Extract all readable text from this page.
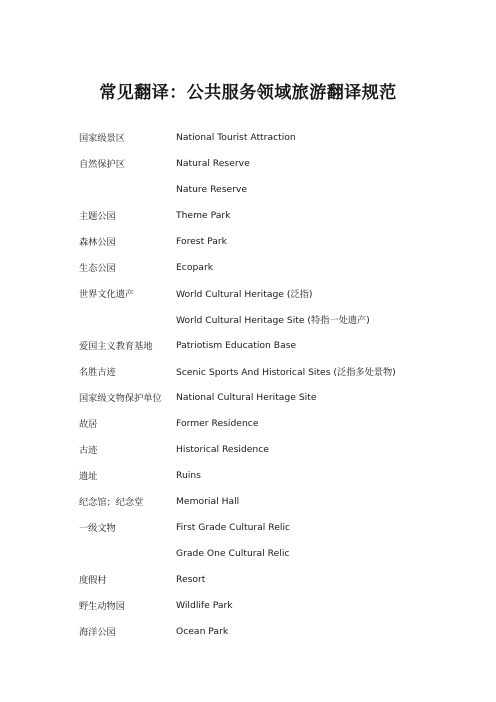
常见翻译：公共服务领域旅游翻译规范
国家级景区	National Tourist Attraction
自然保护区	Natural Reserve
Nature Reserve
主题公园	Theme Park
森林公园	Forest Park
生态公园	Ecopark
世界文化遗产	World Cultural Heritage (泛指)
World Cultural Heritage Site (特指一处遗产)
爱国主义教育基地	Patriotism Education Base
名胜古迹	Scenic Sports And Historical Sites (泛指多处景物)
国家级文物保护单位	National Cultural Heritage Site
故居	Former Residence
古迹	Historical Residence
遗址	Ruins
纪念馆；纪念堂	Memorial Hall
一级文物	First Grade Cultural Relic
Grade One Cultural Relic
度假村	Resort
野生动物园	Wildlife Park
海洋公园	Ocean Park
